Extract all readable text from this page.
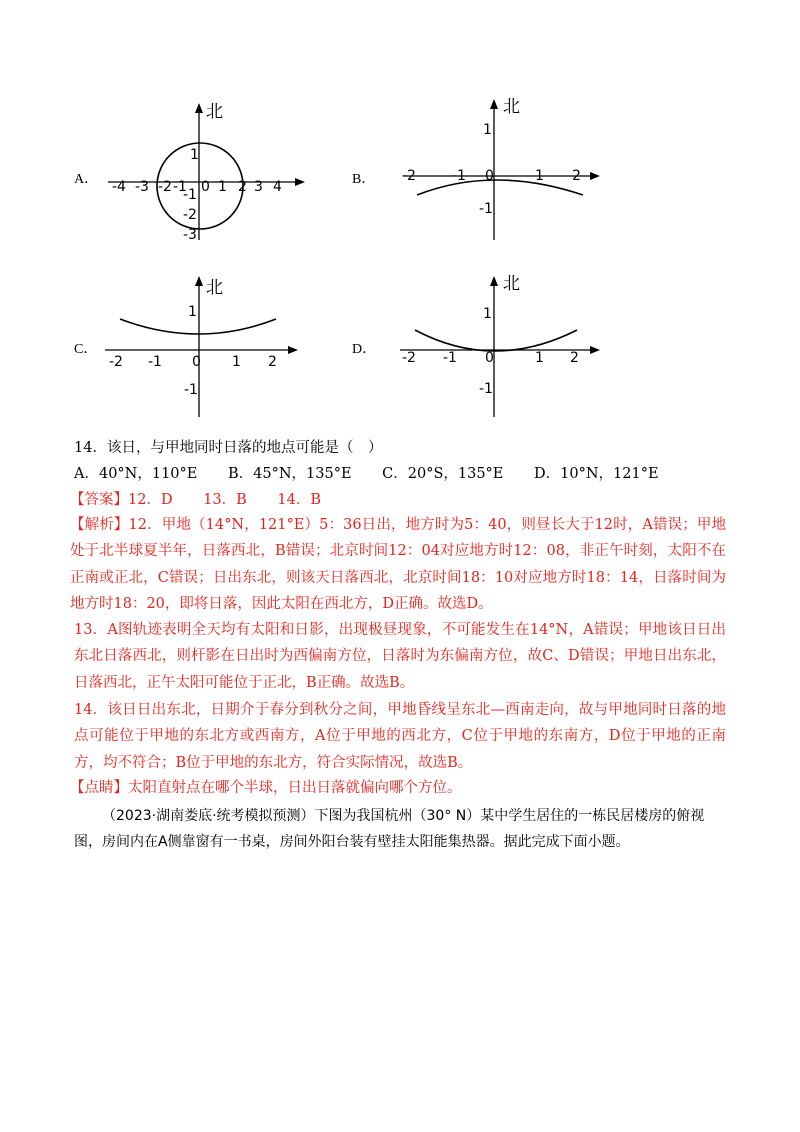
A．
北
-4 -3 -2 -1 0 1 2 3 4
1
-1
-2
-3
B．
北
-2	-1 0	1 2
1
-1
C．
北
-2 -1 0 1 2
1
-1
D．
北
-2 -1 0	1 2
1
-1
14．该日，与甲地同时日落的地点可能是（　）
A．40°N，110°E B．45°N，135°E C．20°S，135°E D．10°N，121°E
【答案】12．D 13．B 14．B
【解析】12．甲地（14°N，121°E）5：36日出，地方时为5：40，则昼长大于12时，A错误；甲地处于北半球夏半年，日落西北，B错误；北京时间12：04对应地方时12：08，非正午时刻，太阳不在正南或正北，C错误；日出东北，则该天日落西北，北京时间18：10对应地方时18：14，日落时间为地方时18：20，即将日落，因此太阳在西北方，D正确。故选D。
13．A图轨迹表明全天均有太阳和日影，出现极昼现象，不可能发生在14°N，A错误；甲地该日日出东北日落西北，则杆影在日出时为西偏南方位，日落时为东偏南方位，故C、D错误；甲地日出东北，日落西北，正午太阳可能位于正北，B正确。故选B。
14．该日日出东北，日期介于春分到秋分之间，甲地昏线呈东北—西南走向，故与甲地同时日落的地点可能位于甲地的东北方或西南方，A位于甲地的西北方，C位于甲地的东南方，D位于甲地的正南方，均不符合；B位于甲地的东北方，符合实际情况，故选B。
【点睛】太阳直射点在哪个半球，日出日落就偏向哪个方位。
（2023·湖南娄底·统考模拟预测）下图为我国杭州（30° N）某中学生居住的一栋民居楼房的俯视图，房间内在A侧靠窗有一书桌，房间外阳台装有壁挂太阳能集热器。据此完成下面小题。
